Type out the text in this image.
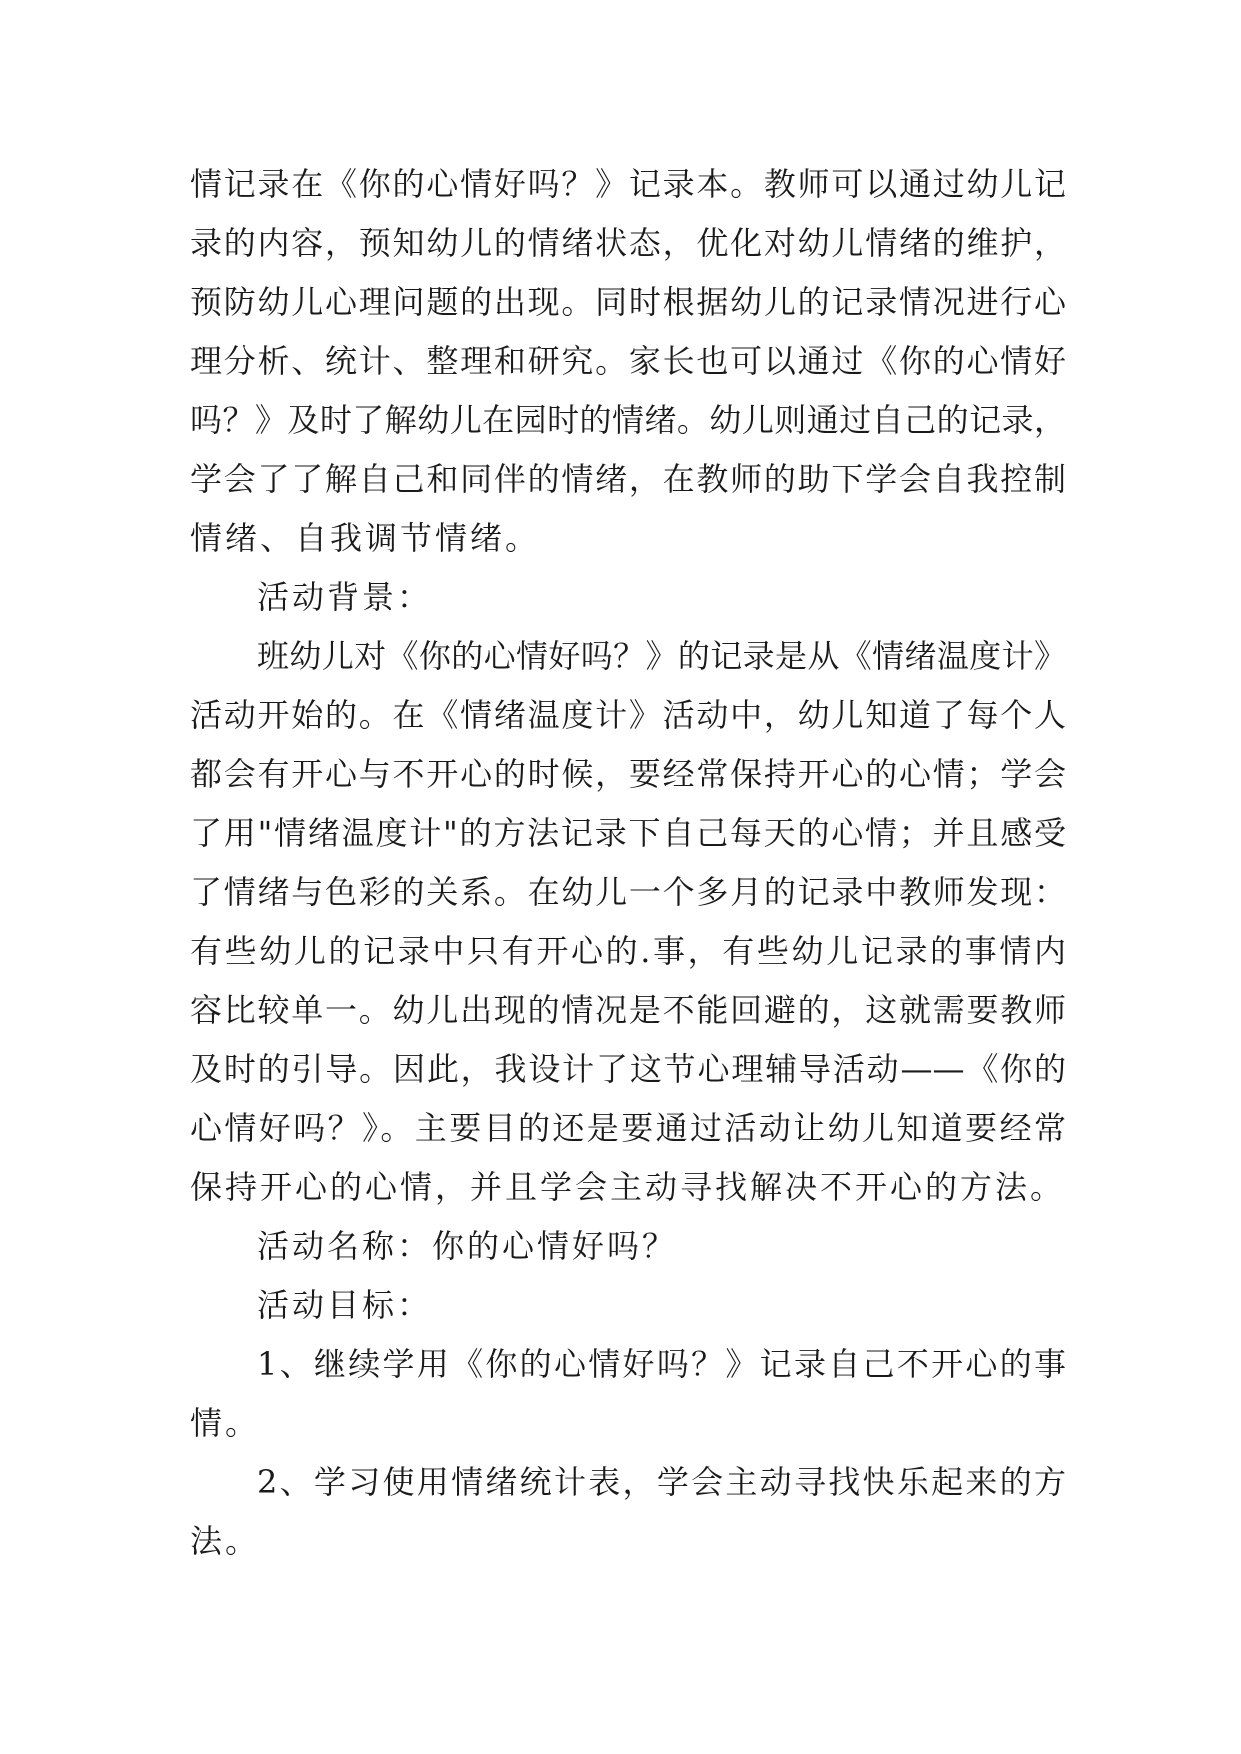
情记录在《你的心情好吗？》记录本。教师可以通过幼儿记
录的内容，预知幼儿的情绪状态，优化对幼儿情绪的维护，
预防幼儿心理问题的出现。同时根据幼儿的记录情况进行心
理分析、统计、整理和研究。家长也可以通过《你的心情好
吗？》及时了解幼儿在园时的情绪。幼儿则通过自己的记录，
学会了了解自己和同伴的情绪，在教师的助下学会自我控制
情绪、自我调节情绪。
活动背景：
班幼儿对《你的心情好吗？》的记录是从《情绪温度计》
活动开始的。在《情绪温度计》活动中，幼儿知道了每个人
都会有开心与不开心的时候，要经常保持开心的心情；学会
了用"情绪温度计"的方法记录下自己每天的心情；并且感受
了情绪与色彩的关系。在幼儿一个多月的记录中教师发现：
有些幼儿的记录中只有开心的.事，有些幼儿记录的事情内
容比较单一。幼儿出现的情况是不能回避的，这就需要教师
及时的引导。因此，我设计了这节心理辅导活动——《你的
心情好吗？》。主要目的还是要通过活动让幼儿知道要经常
保持开心的心情，并且学会主动寻找解决不开心的方法。
活动名称：你的心情好吗？
活动目标：
1、继续学用《你的心情好吗？》记录自己不开心的事
情。
2、学习使用情绪统计表，学会主动寻找快乐起来的方
法。
